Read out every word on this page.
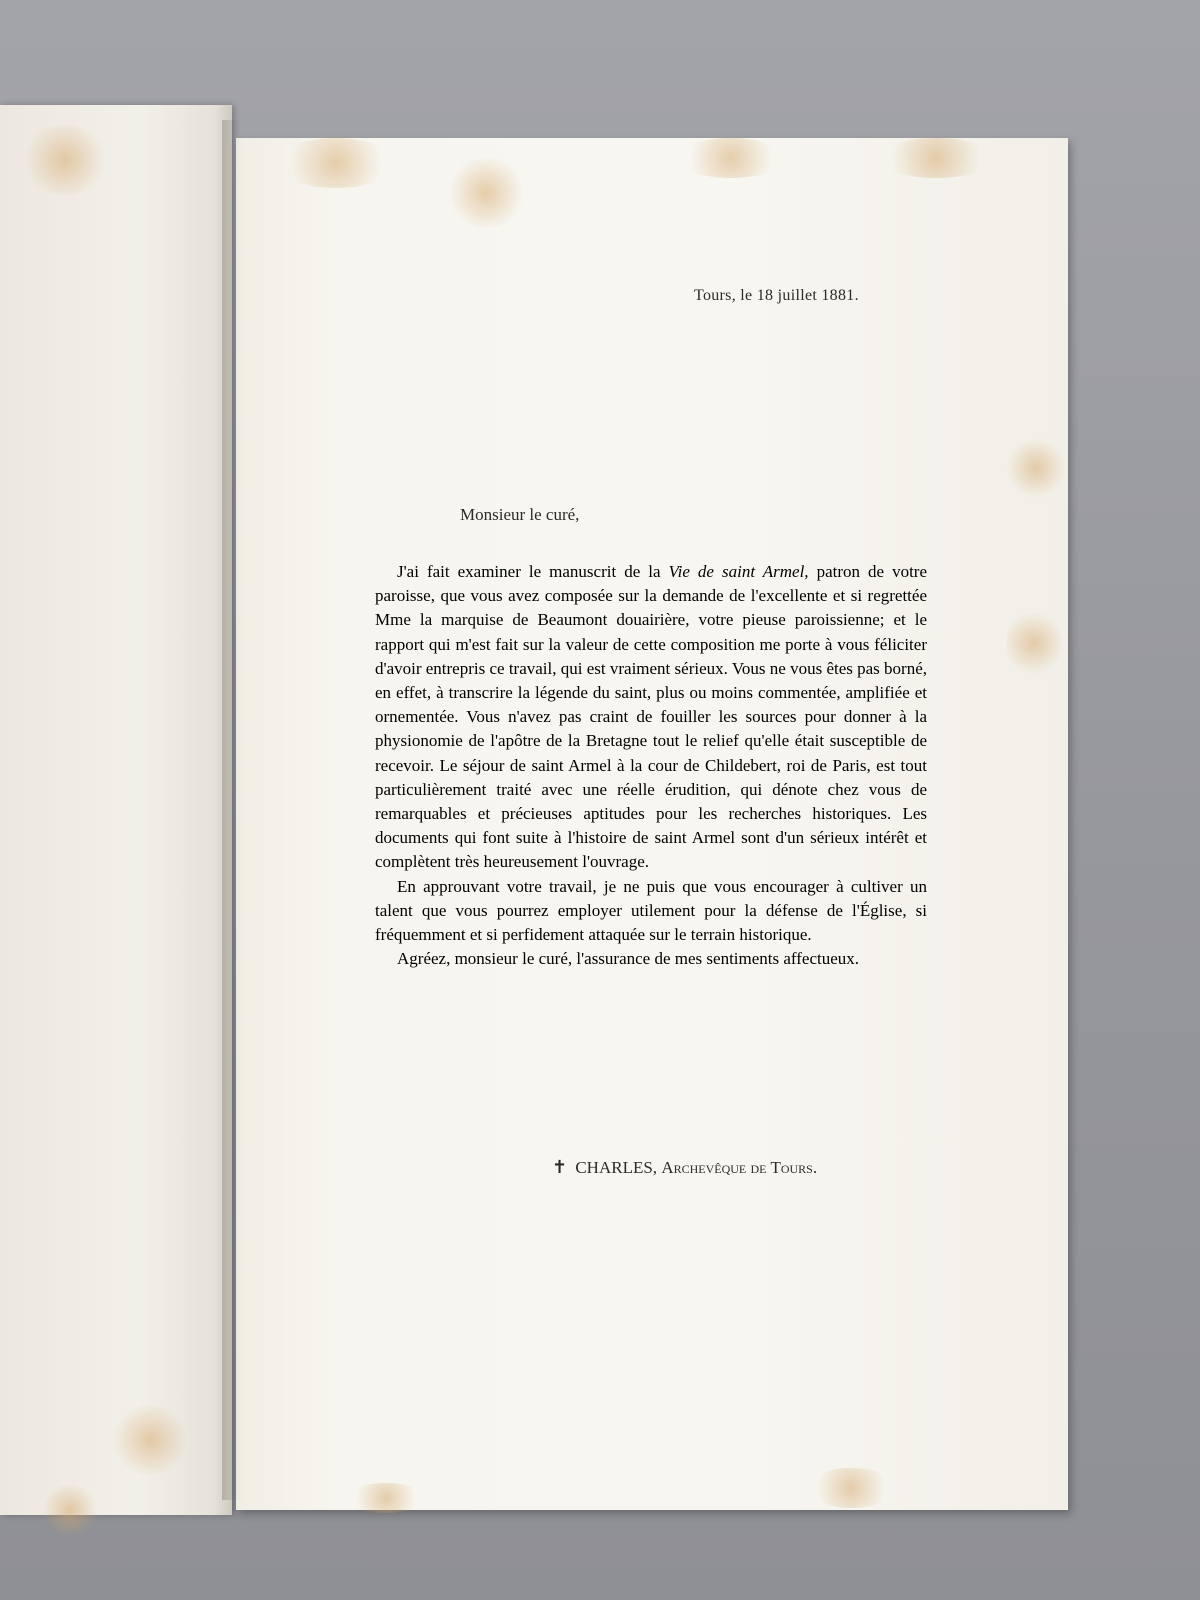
Tours, le 18 juillet 1881.
Monsieur le curé,

J'ai fait examiner le manuscrit de la Vie de saint Armel, patron de votre paroisse, que vous avez composée sur la demande de l'excellente et si regrettée Mme la marquise de Beaumont douairière, votre pieuse paroissienne; et le rapport qui m'est fait sur la valeur de cette composition me porte à vous féliciter d'avoir entrepris ce travail, qui est vraiment sérieux. Vous ne vous êtes pas borné, en effet, à transcrire la légende du saint, plus ou moins commentée, amplifiée et ornementée. Vous n'avez pas craint de fouiller les sources pour donner à la physionomie de l'apôtre de la Bretagne tout le relief qu'elle était susceptible de recevoir. Le séjour de saint Armel à la cour de Childebert, roi de Paris, est tout particulièrement traité avec une réelle érudition, qui dénote chez vous de remarquables et précieuses aptitudes pour les recherches historiques. Les documents qui font suite à l'histoire de saint Armel sont d'un sérieux intérêt et complètent très heureusement l'ouvrage.

En approuvant votre travail, je ne puis que vous encourager à cultiver un talent que vous pourrez employer utilement pour la défense de l'Église, si fréquemment et si perfidement attaquée sur le terrain historique.

Agréez, monsieur le curé, l'assurance de mes sentiments affectueux.

✝ CHARLES, Archevêque de Tours.
